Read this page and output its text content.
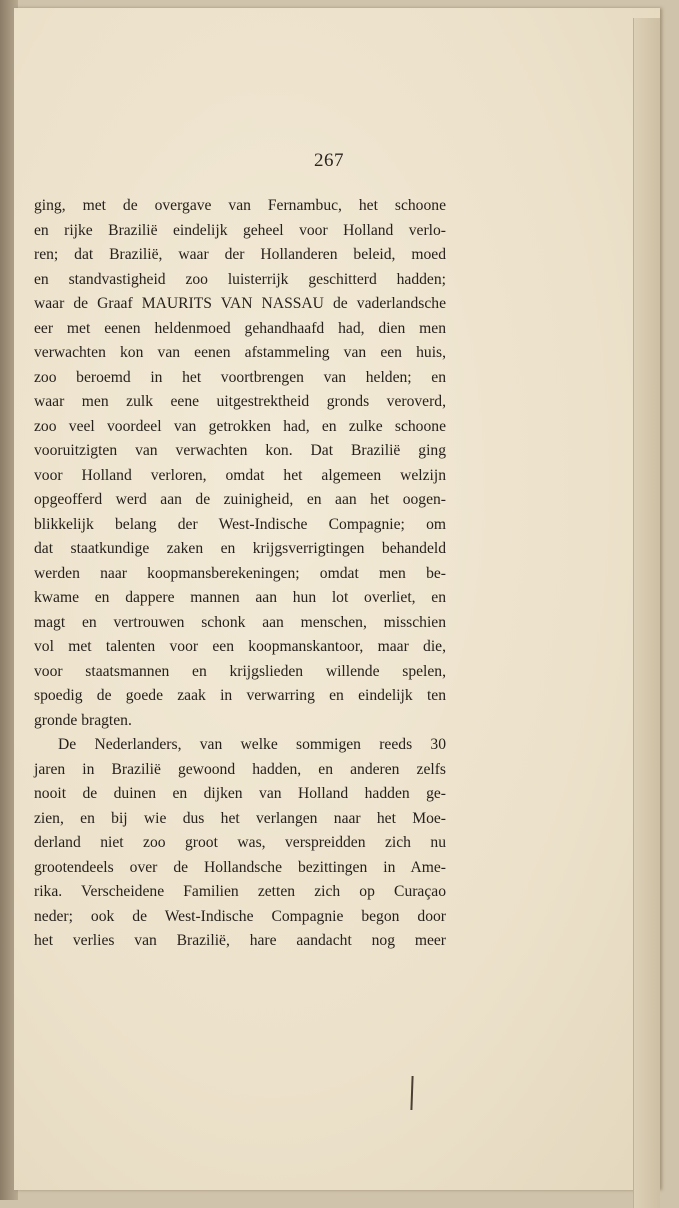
267
ging, met de overgave van Fernambuc, het schoone
en rijke Brazilië eindelijk geheel voor Holland verlo-
ren; dat Brazilië, waar der Hollanderen beleid, moed
en standvastigheid zoo luisterrijk geschitterd hadden;
waar de Graaf MAURITS VAN NASSAU de vaderlandsche
eer met eenen heldenmoed gehandhaafd had, dien men
verwachten kon van eenen afstammeling van een huis,
zoo beroemd in het voortbrengen van helden; en
waar men zulk eene uitgestrektheid gronds veroverd,
zoo veel voordeel van getrokken had, en zulke schoone
vooruitzigten van verwachten kon. Dat Brazilië ging
voor Holland verloren, omdat het algemeen welzijn
opgeofferd werd aan de zuinigheid, en aan het oogen-
blikkelijk belang der West-Indische Compagnie; om
dat staatkundige zaken en krijgsverrigtingen behandeld
werden naar koopmansberekeningen; omdat men be-
kwame en dappere mannen aan hun lot overliet, en
magt en vertrouwen schonk aan menschen, misschien
vol met talenten voor een koopmanskantoor, maar die,
voor staatsmannen en krijgslieden willende spelen,
spoedig de goede zaak in verwarring en eindelijk ten
gronde bragten.
De Nederlanders, van welke sommigen reeds 30
jaren in Brazilië gewoond hadden, en anderen zelfs
nooit de duinen en dijken van Holland hadden ge-
zien, en bij wie dus het verlangen naar het Moe-
derland niet zoo groot was, verspreidden zich nu
grootendeels over de Hollandsche bezittingen in Ame-
rika. Verscheidene Familien zetten zich op Curaçao
neder; ook de West-Indische Compagnie begon door
het verlies van Brazilië, hare aandacht nog meer
